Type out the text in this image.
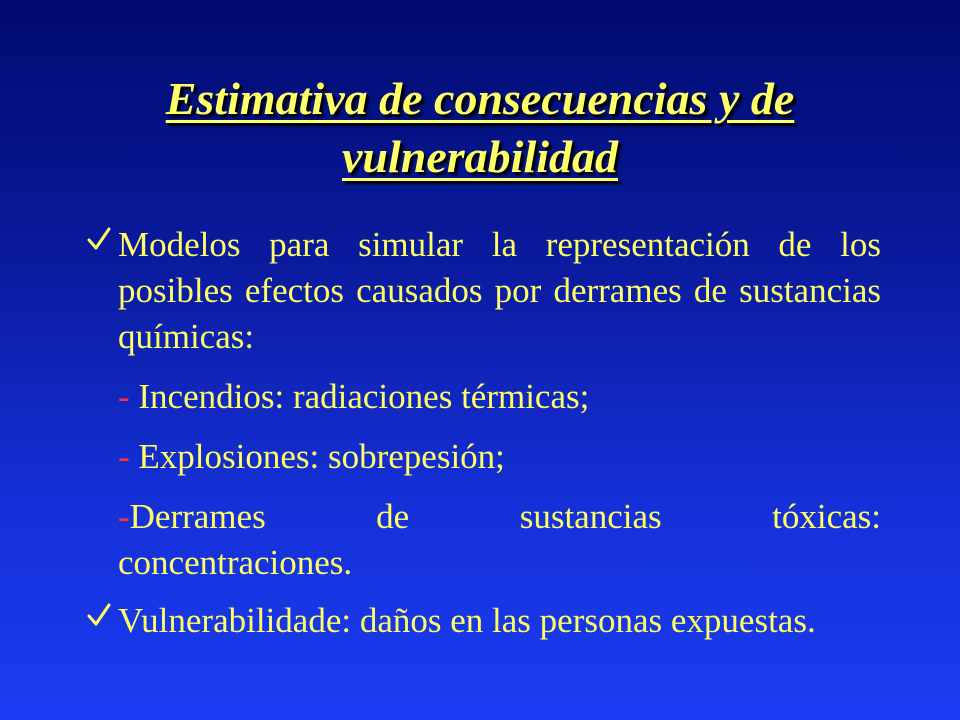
Estimativa de consecuencias y de vulnerabilidad
Modelos para simular la representación de los posibles efectos causados por derrames de sustancias químicas:
- Incendios: radiaciones térmicas;
- Explosiones: sobrepesión;
-Derrames de sustancias tóxicas:
concentraciones.
Vulnerabilidade: daños en las personas expuestas.
